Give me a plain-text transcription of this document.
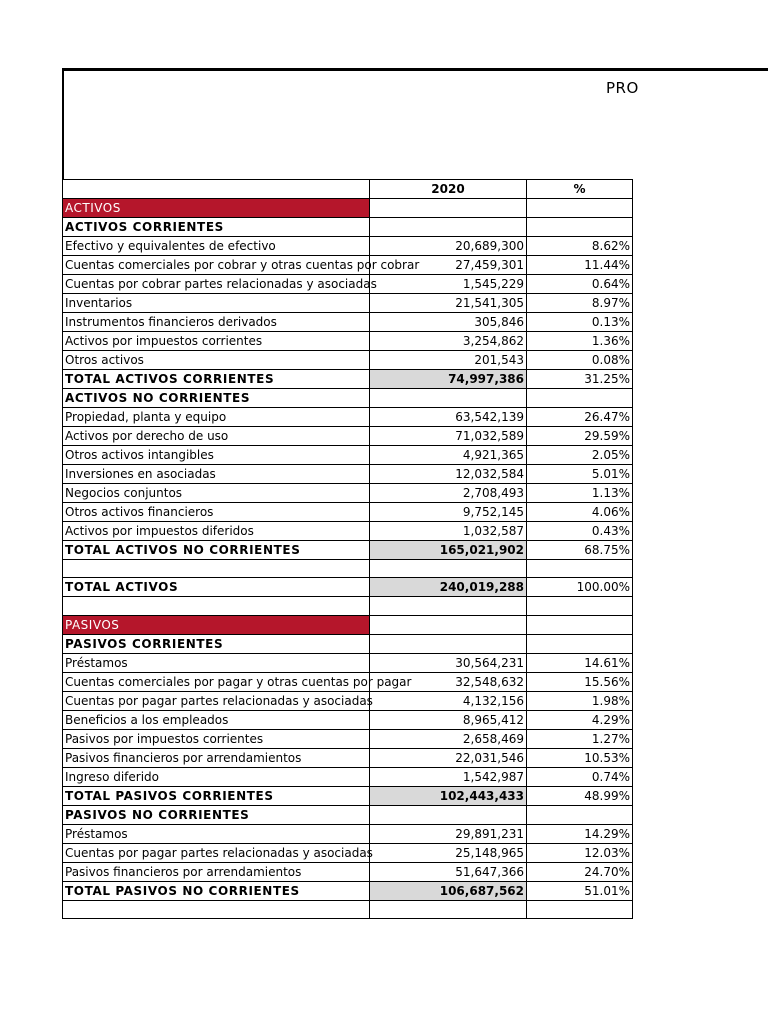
PRO
	2020	%
ACTIVOS		
ACTIVOS CORRIENTES		
Efectivo y equivalentes de efectivo	20,689,300	8.62%
Cuentas comerciales por cobrar y otras cuentas por cobrar	27,459,301	11.44%
Cuentas por cobrar partes relacionadas y asociadas	1,545,229	0.64%
Inventarios	21,541,305	8.97%
Instrumentos financieros derivados	305,846	0.13%
Activos por impuestos corrientes	3,254,862	1.36%
Otros activos	201,543	0.08%
TOTAL ACTIVOS CORRIENTES	74,997,386	31.25%
ACTIVOS NO CORRIENTES		
Propiedad, planta y equipo	63,542,139	26.47%
Activos por derecho de uso	71,032,589	29.59%
Otros activos intangibles	4,921,365	2.05%
Inversiones en asociadas	12,032,584	5.01%
Negocios conjuntos	2,708,493	1.13%
Otros activos financieros	9,752,145	4.06%
Activos por impuestos diferidos	1,032,587	0.43%
TOTAL ACTIVOS NO CORRIENTES	165,021,902	68.75%

TOTAL ACTIVOS	240,019,288	100.00%

PASIVOS		
PASIVOS CORRIENTES		
Préstamos	30,564,231	14.61%
Cuentas comerciales por pagar y otras cuentas por pagar	32,548,632	15.56%
Cuentas por pagar partes relacionadas y asociadas	4,132,156	1.98%
Beneficios a los empleados	8,965,412	4.29%
Pasivos por impuestos corrientes	2,658,469	1.27%
Pasivos financieros por arrendamientos	22,031,546	10.53%
Ingreso diferido	1,542,987	0.74%
TOTAL PASIVOS CORRIENTES	102,443,433	48.99%
PASIVOS NO CORRIENTES		
Préstamos	29,891,231	14.29%
Cuentas por pagar partes relacionadas y asociadas	25,148,965	12.03%
Pasivos financieros por arrendamientos	51,647,366	24.70%
TOTAL PASIVOS NO CORRIENTES	106,687,562	51.01%
